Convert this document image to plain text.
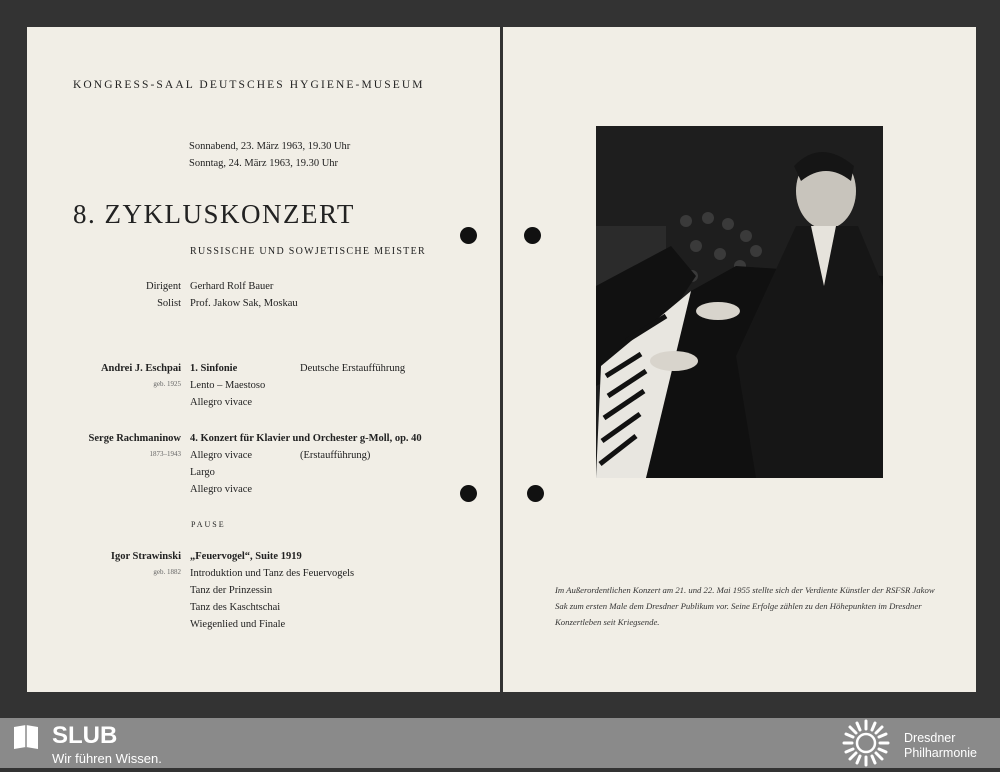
KONGRESS-SAAL DEUTSCHES HYGIENE-MUSEUM
Sonnabend, 23. März 1963, 19.30 Uhr
Sonntag, 24. März 1963, 19.30 Uhr
8. ZYKLUSKONZERT
RUSSISCHE UND SOWJETISCHE MEISTER
Dirigent Gerhard Rolf Bauer
Solist Prof. Jakow Sak, Moskau
Andrei J. Eschpai
geb. 1925
1. Sinfonie	Deutsche Erstaufführung
Lento – Maestoso
Allegro vivace
Serge Rachmaninow
1873–1943
4. Konzert für Klavier und Orchester g-Moll, op. 40
Allegro vivace	(Erstaufführung)
Largo
Allegro vivace
PAUSE
Igor Strawinski
geb. 1882
„Feuervogel“, Suite 1919
Introduktion und Tanz des Feuervogels
Tanz der Prinzessin
Tanz des Kaschtschai
Wiegenlied und Finale
Im Außerordentlichen Konzert am 21. und 22. Mai 1955 stellte sich der Verdiente Künstler der RSFSR Jakow Sak zum ersten Male dem Dresdner Publikum vor. Seine Erfolge zählen zu den Höhepunkten im Dresdner Konzertleben seit Kriegsende.
SLUB
Wir führen Wissen.
Dresdner
Philharmonie
